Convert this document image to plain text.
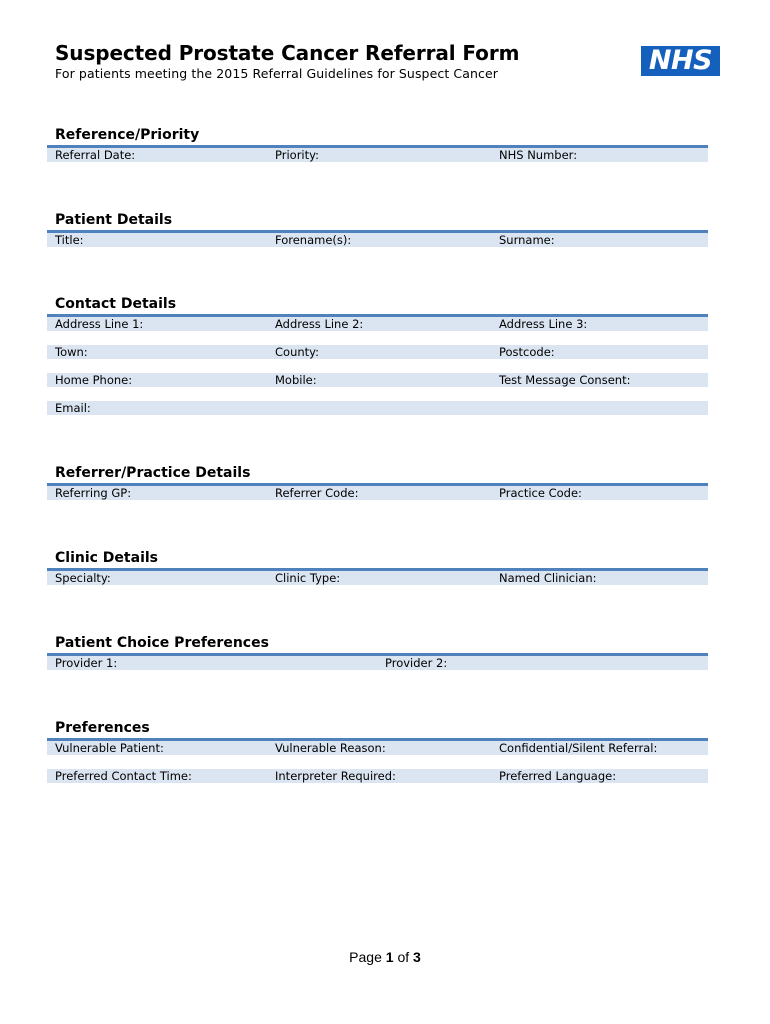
Suspected Prostate Cancer Referral Form

For patients meeting the 2015 Referral Guidelines for Suspect Cancer	NHS
Reference/Priority
Referral Date:	Priority:	NHS Number:
Patient Details
Title:	Forename(s):	Surname:
Contact Details
Address Line 1:	Address Line 2:	Address Line 3:
Town:	County:	Postcode:
Home Phone:	Mobile:	Test Message Consent:
Email:
Referrer/Practice Details
Referring GP:	Referrer Code:	Practice Code:
Clinic Details
Specialty:	Clinic Type:	Named Clinician:
Patient Choice Preferences
Provider 1:	Provider 2:
Preferences
Vulnerable Patient:	Vulnerable Reason:	Confidential/Silent Referral:
Preferred Contact Time:	Interpreter Required:	Preferred Language:
Page 1 of 3
